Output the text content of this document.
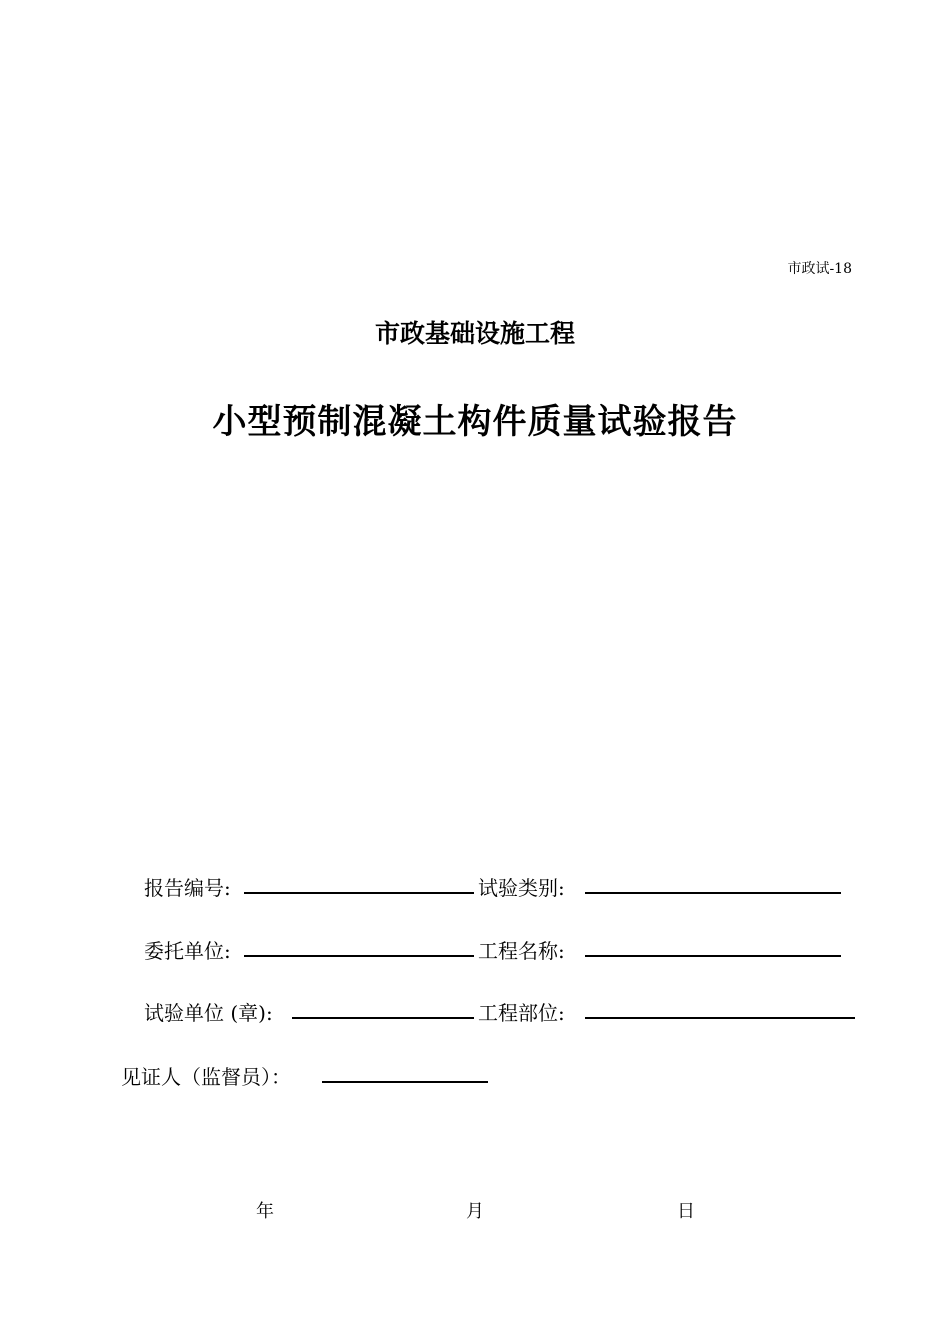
市政试-18
市政基础设施工程
小型预制混凝土构件质量试验报告
报告编号:	试验类别:
委托单位:	工程名称:
试验单位 (章):	工程部位:
见证人（监督员）：
年	月	日
